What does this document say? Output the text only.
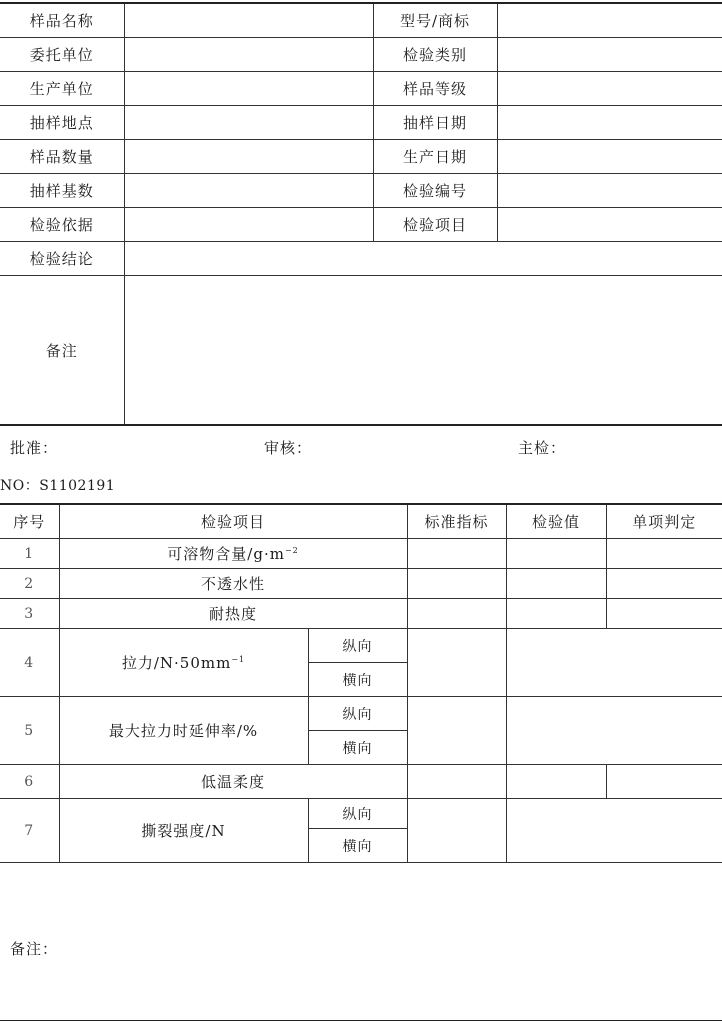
样品名称		型号/商标	
委托单位		检验类别	
生产单位		样品等级	
抽样地点		抽样日期	
样品数量		生产日期	
抽样基数		检验编号	
检验依据		检验项目	
检验结论			
备注			
批准：	审核：	主检：
NO：S1102191
序号	检验项目		标准指标	检验值	单项判定
1	可溶物含量$/g\cdot m^{-2}$			
2	不透水性				
3	耐热度				
4	拉力$/N\cdot 50mm^{-1}$	纵向			
		横向			
5	最大拉力时延伸率/%	纵向			
		横向			
6	低温柔度				
7	撕裂强度/N	纵向			
		横向			
备注：
